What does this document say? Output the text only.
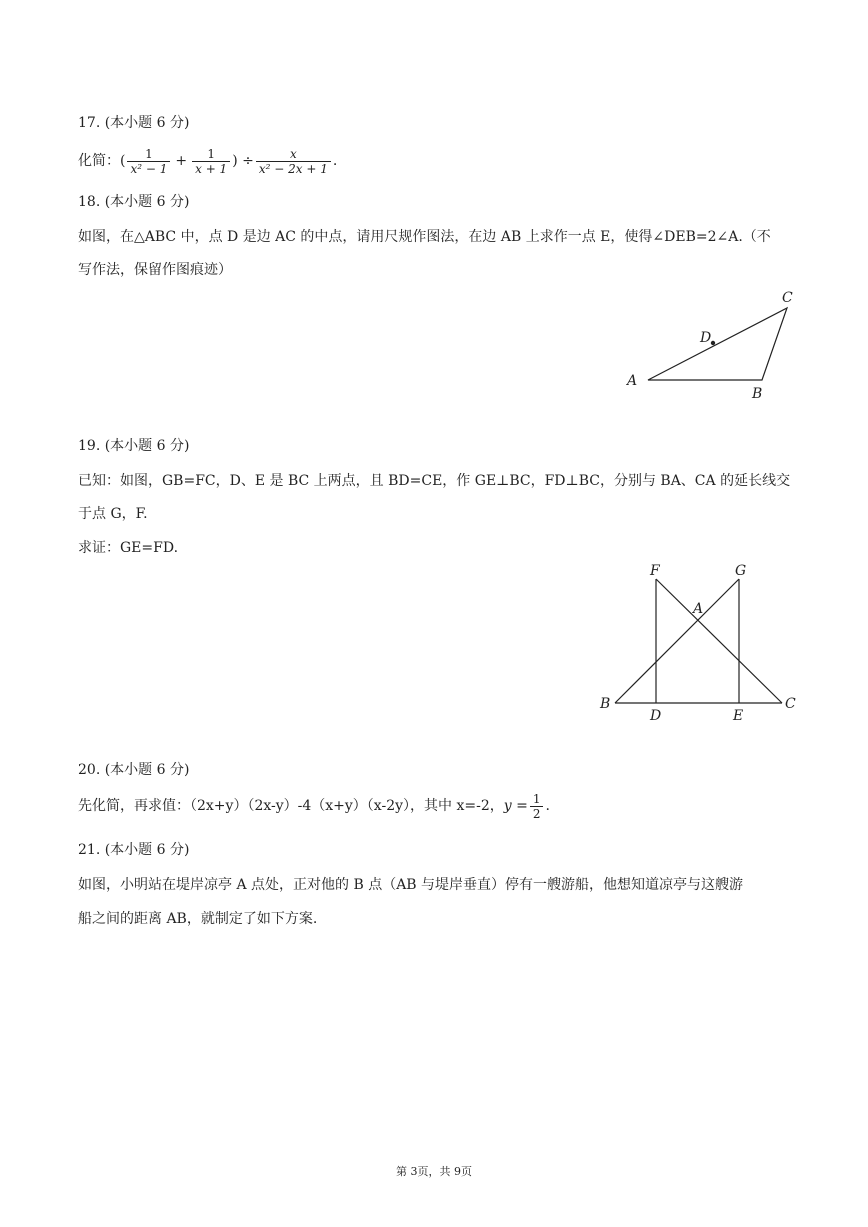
17. (本小题 6 分)
化简：( $\frac{1}{\text{x² − 1}} + \frac{1}{x + 1}$ ) ÷ $\frac{x}{\text{x² − 2x + 1}}$ .
18. (本小题 6 分)
如图，在△ABC 中，点 D 是边 AC 的中点，请用尺规作图法，在边 AB 上求作一点 E，使得∠DEB=2∠A.（不
写作法，保留作图痕迹）
A
B
C
D
19. (本小题 6 分)
已知：如图，GB=FC，D、E 是 BC 上两点，且 BD=CE，作 GE⊥BC，FD⊥BC，分别与 BA、CA 的延长线交
于点 G，F.
求证：GE=FD.
F	G
A
B
D	E
C
20. (本小题 6 分)
先化简，再求值：（2x+y）（2x-y）-4（x+y）（x-2y），其中 x=-2，$y = \frac{1}{2}$ .
21. (本小题 6 分)
如图，小明站在堤岸凉亭 A 点处，正对他的 B 点（AB 与堤岸垂直）停有一艘游船，他想知道凉亭与这艘游
船之间的距离 AB，就制定了如下方案.
第 3页，共 9页
